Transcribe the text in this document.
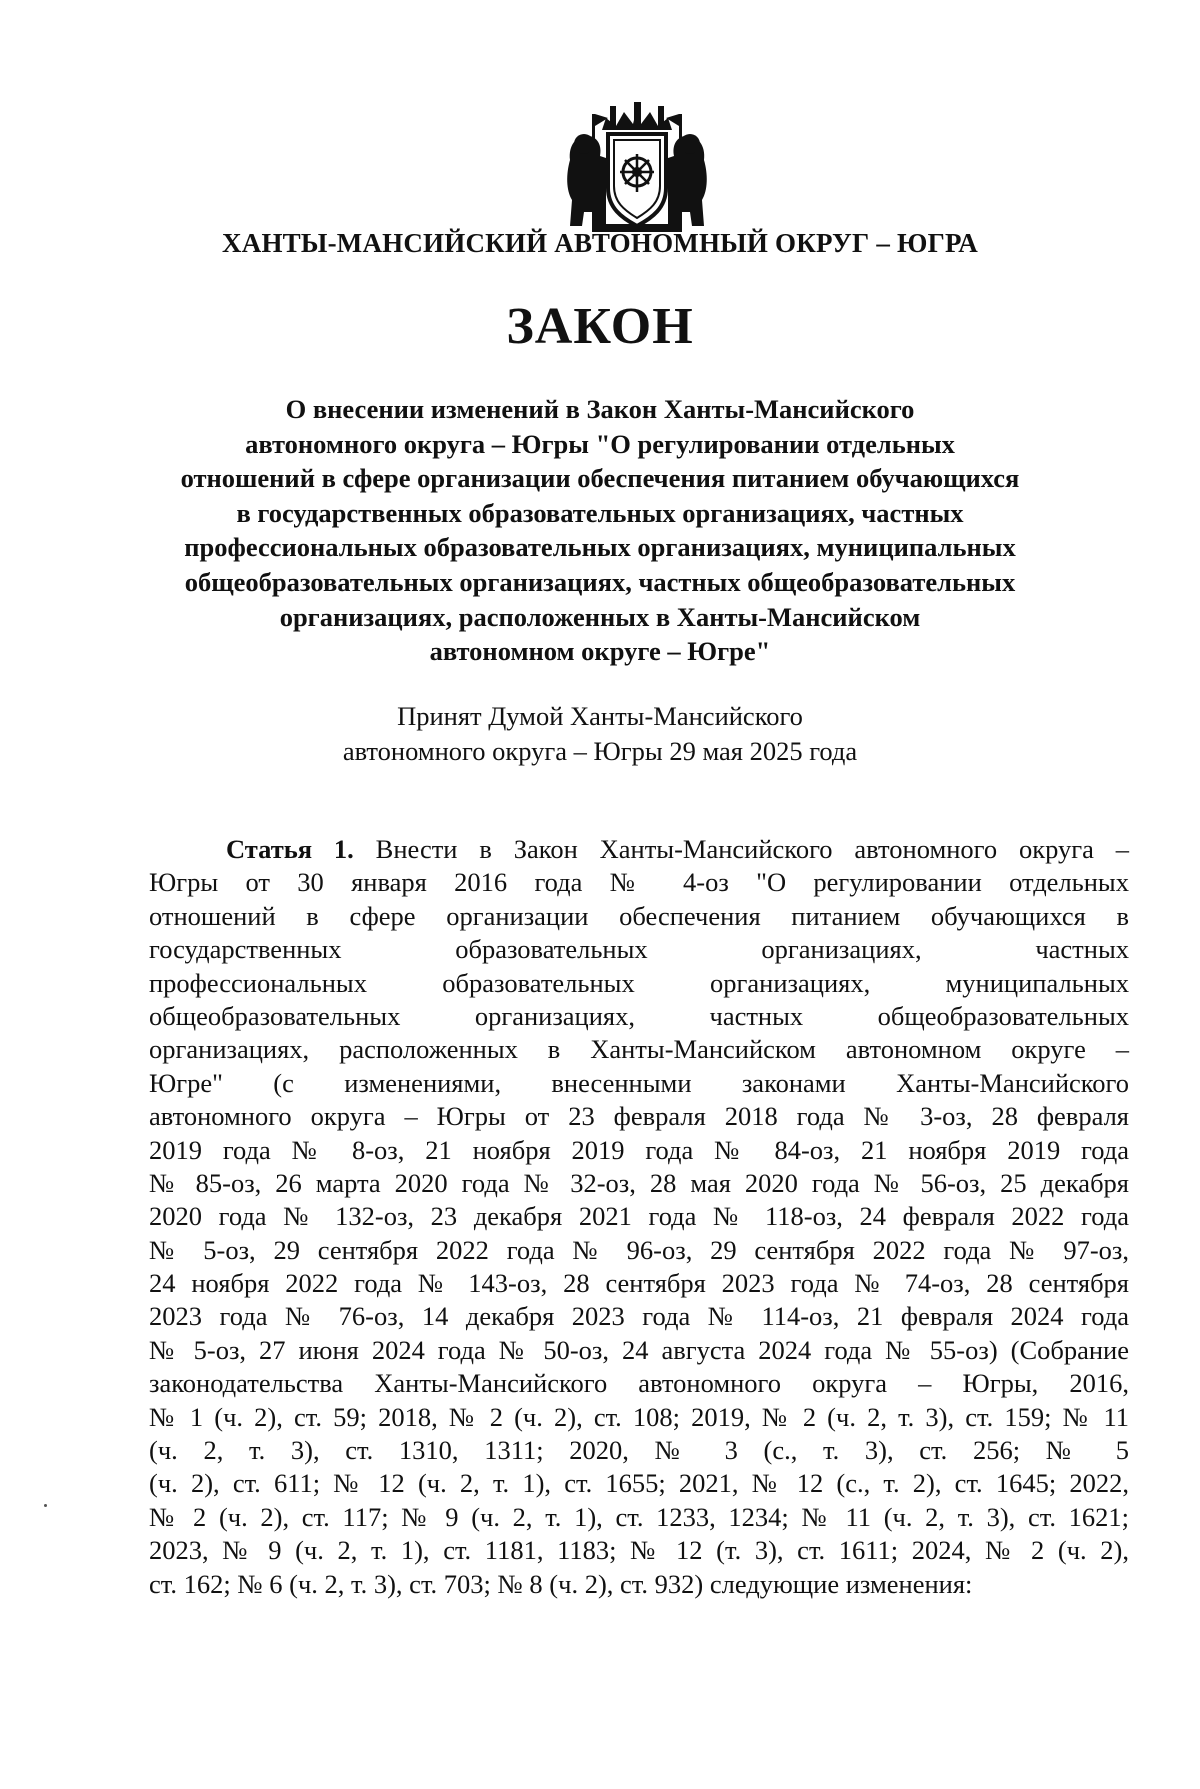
ХАНТЫ-МАНСИЙСКИЙ АВТОНОМНЫЙ ОКРУГ – ЮГРА
ЗАКОН
О внесении изменений в Закон Ханты-Мансийского
автономного округа – Югры "О регулировании отдельных
отношений в сфере организации обеспечения питанием обучающихся
в государственных образовательных организациях, частных
профессиональных образовательных организациях, муниципальных
общеобразовательных организациях, частных общеобразовательных
организациях, расположенных в Ханты-Мансийском
автономном округе – Югре"
Принят Думой Ханты-Мансийского
автономного округа – Югры 29 мая 2025 года
Статья 1. Внести в Закон Ханты-Мансийского автономного округа –
Югры от 30 января 2016 года № 4-оз "О регулировании отдельных
отношений в сфере организации обеспечения питанием обучающихся в
государственных образовательных организациях, частных
профессиональных образовательных организациях, муниципальных
общеобразовательных организациях, частных общеобразовательных
организациях, расположенных в Ханты-Мансийском автономном округе –
Югре" (с изменениями, внесенными законами Ханты-Мансийского
автономного округа – Югры от 23 февраля 2018 года № 3-оз, 28 февраля
2019 года № 8-оз, 21 ноября 2019 года № 84-оз, 21 ноября 2019 года
№ 85-оз, 26 марта 2020 года № 32-оз, 28 мая 2020 года № 56-оз, 25 декабря
2020 года № 132-оз, 23 декабря 2021 года № 118-оз, 24 февраля 2022 года
№ 5-оз, 29 сентября 2022 года № 96-оз, 29 сентября 2022 года № 97-оз,
24 ноября 2022 года № 143-оз, 28 сентября 2023 года № 74-оз, 28 сентября
2023 года № 76-оз, 14 декабря 2023 года № 114-оз, 21 февраля 2024 года
№ 5-оз, 27 июня 2024 года № 50-оз, 24 августа 2024 года № 55-оз) (Собрание
законодательства Ханты-Мансийского автономного округа – Югры, 2016,
№ 1 (ч. 2), ст. 59; 2018, № 2 (ч. 2), ст. 108; 2019, № 2 (ч. 2, т. 3), ст. 159; № 11
(ч. 2, т. 3), ст. 1310, 1311; 2020, № 3 (с., т. 3), ст. 256; № 5
(ч. 2), ст. 611; № 12 (ч. 2, т. 1), ст. 1655; 2021, № 12 (с., т. 2), ст. 1645; 2022,
№ 2 (ч. 2), ст. 117; № 9 (ч. 2, т. 1), ст. 1233, 1234; № 11 (ч. 2, т. 3), ст. 1621;
2023, № 9 (ч. 2, т. 1), ст. 1181, 1183; № 12 (т. 3), ст. 1611; 2024, № 2 (ч. 2),
ст. 162; № 6 (ч. 2, т. 3), ст. 703; № 8 (ч. 2), ст. 932) следующие изменения:
